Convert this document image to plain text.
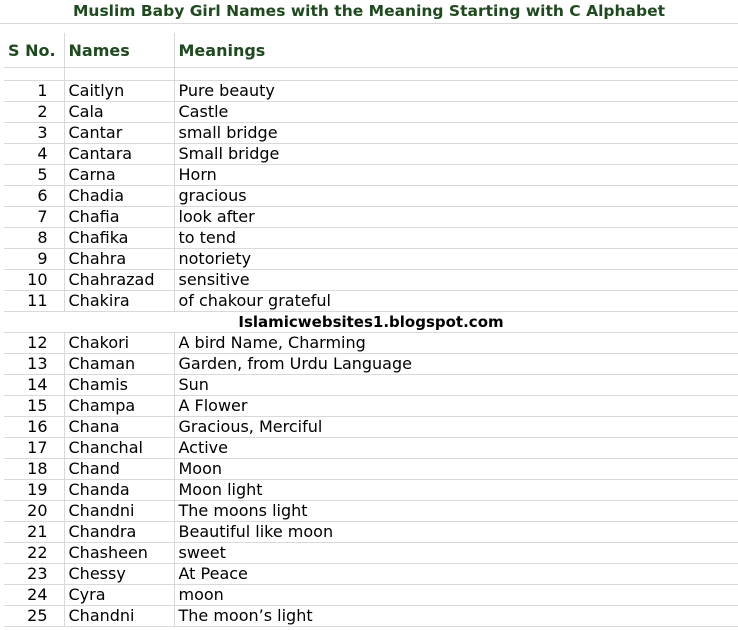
Muslim Baby Girl Names with the Meaning Starting with C Alphabet
S No.	Names	Meanings

1	Caitlyn	Pure beauty
2	Cala	Castle
3	Cantar	small bridge
4	Cantara	Small bridge
5	Carna	Horn
6	Chadia	gracious
7	Chafia	look after
8	Chafika	to tend
9	Chahra	notoriety
10	Chahrazad	sensitive
11	Chakira	of chakour grateful
Islamicwebsites1.blogspot.com		
12	Chakori	A bird Name, Charming
13	Chaman	Garden, from Urdu Language
14	Chamis	Sun
15	Champa	A Flower
16	Chana	Gracious, Merciful
17	Chanchal	Active
18	Chand	Moon
19	Chanda	Moon light
20	Chandni	The moons light
21	Chandra	Beautiful like moon
22	Chasheen	sweet
23	Chessy	At Peace
24	Cyra	moon
25	Chandni	The moon’s light
